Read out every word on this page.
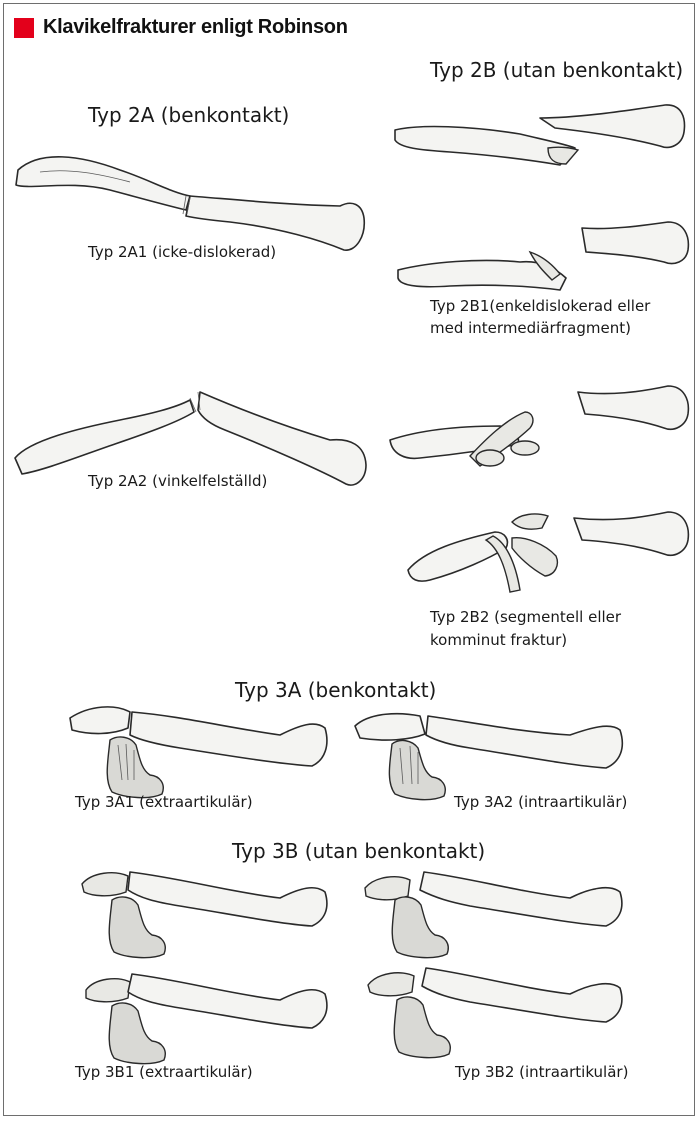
Klavikelfrakturer enligt Robinson
Typ 2B (utan benkontakt)
Typ 2A (benkontakt)
Typ 3A (benkontakt)
Typ 3B (utan benkontakt)
Typ 2A1 (icke-dislokerad)
Typ 2A2 (vinkelfelställd)
Typ 2B1(enkeldislokerad eller
med intermediärfragment)
Typ 2B2 (segmentell eller
komminut fraktur)
Typ 3A1 (extraartikulär)	Typ 3A2 (intraartikulär)
Typ 3B1 (extraartikulär)	Typ 3B2 (intraartikulär)
